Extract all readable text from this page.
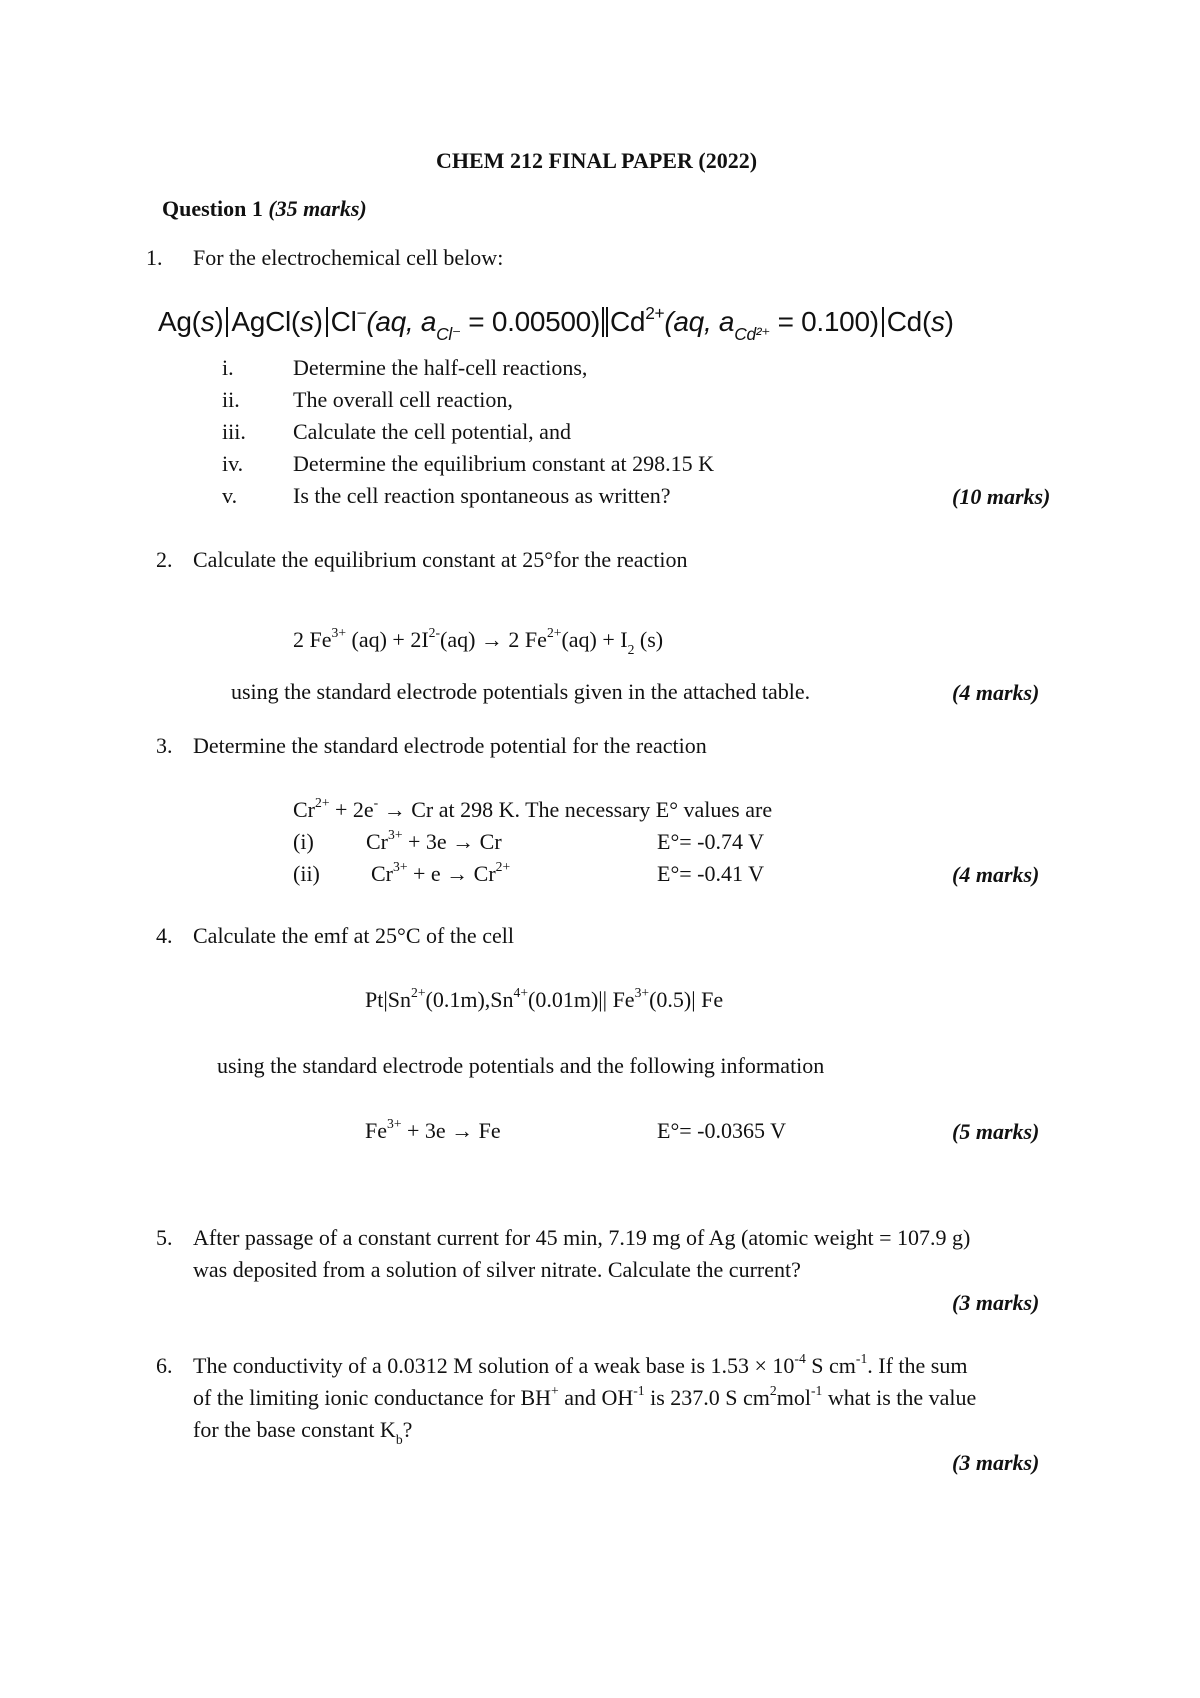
CHEM 212 FINAL PAPER (2022)
Question 1 (35 marks)
1. For the electrochemical cell below:
Ag(s) AgCl(s) Cl−(aq, $a_{Cl^-} = 0.00500$) $Cd^{2+}(aq$, $a_{Cd^{2+}} = 0.100$) Cd(s)
i.	Determine the half-cell reactions,
ii. The overall cell reaction,
iii. Calculate the cell potential, and
iv. Determine the equilibrium constant at 298.15 K
v.	Is the cell reaction spontaneous as written?	(10 marks)
2. Calculate the equilibrium constant at 25°for the reaction
2 $Fe^{3+}$ $(aq) + 2I^{2-}(aq) \to 2$ $Fe^{2+}(aq) + I_2$ (s)
using the standard electrode potentials given in the attached table.	(4 marks)
3. Determine the standard electrode potential for the reaction
$Cr^{2+} + 2e^- \to Cr$ at 298 K. The necessary E° values are
(i) $Cr^{3+} + 3e \to Cr$	E°= -0.74 V
(ii) $Cr^{3+} + e \to Cr^{2+}$	E°= -0.41 V	(4 marks)
4. Calculate the emf at 25°C of the cell
$Pt|Sn^{2+}(0.1m),Sn^{4+}(0.01m)||$ $Fe^{3+}(0.5)|$ Fe
using the standard electrode potentials and the following information
$Fe^{3+} + 3e \to Fe$	E°= -0.0365 V	(5 marks)
5. After passage of a constant current for 45 min, 7.19 mg of Ag (atomic weight = 107.9 g)
was deposited from a solution of silver nitrate. Calculate the current?
(3 marks)
6. The conductivity of a 0.0312 M solution of a weak base is $1.53 \times 10^{-4}$ S $cm^{-1}$. If the sum
of the limiting ionic conductance for BH+ and $OH^{-1}$ is 237.0 S $cm^2mol^{-1}$ what is the value
for the base constant $K_b$?
(3 marks)
